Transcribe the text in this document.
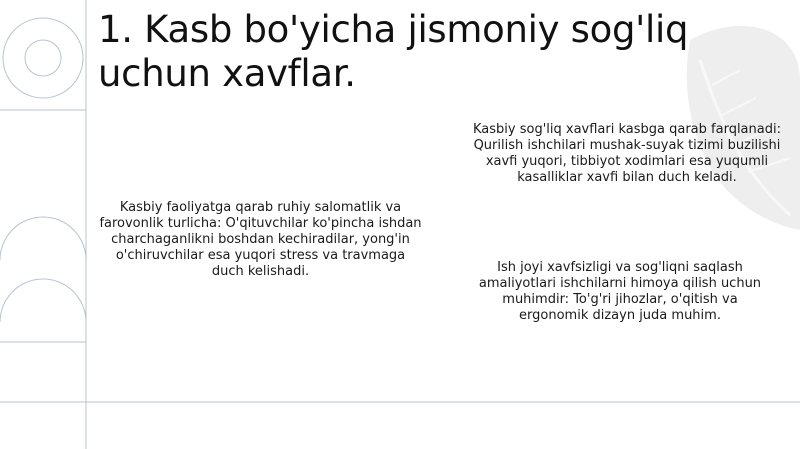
1. Kasb bo'yicha jismoniy sog'liq uchun xavflar.

Kasbiy faoliyatga qarab ruhiy salomatlik va farovonlik turlicha: O'qituvchilar ko'pincha ishdan charchaganlikni boshdan kechiradilar, yong'in o'chiruvchilar esa yuqori stress va travmaga duch kelishadi.

Kasbiy sog'liq xavflari kasbga qarab farqlanadi: Qurilish ishchilari mushak-suyak tizimi buzilishi xavfi yuqori, tibbiyot xodimlari esa yuqumli kasalliklar xavfi bilan duch keladi.

Ish joyi xavfsizligi va sog'liqni saqlash amaliyotlari ishchilarni himoya qilish uchun muhimdir: To'g'ri jihozlar, o'qitish va ergonomik dizayn juda muhim.
